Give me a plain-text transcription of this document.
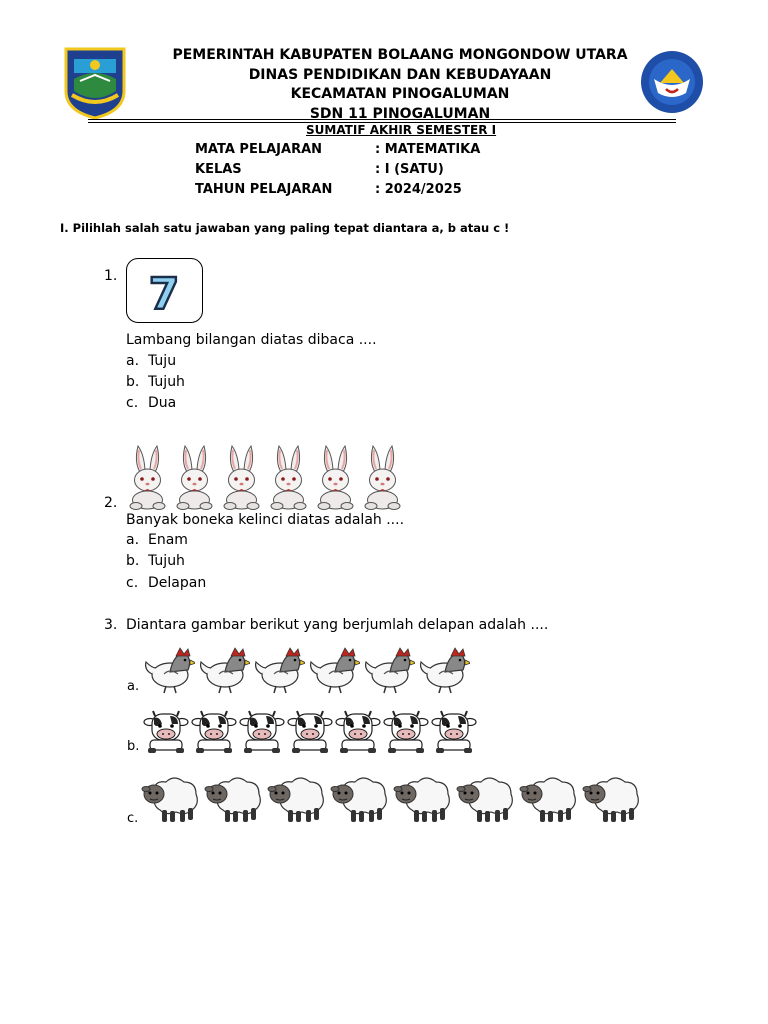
PEMERINTAH KABUPATEN BOLAANG MONGONDOW UTARA
DINAS PENDIDIKAN DAN KEBUDAYAAN
KECAMATAN PINOGALUMAN
SDN 11 PINOGALUMAN
SUMATIF AKHIR SEMESTER I
MATA PELAJARAN	: MATEMATIKA
KELAS	: I (SATU)
TAHUN PELAJARAN	: 2024/2025
I. Pilihlah salah satu jawaban yang paling tepat diantara a, b atau c !
1. 7
Lambang bilangan diatas dibaca ....
a. Tuju
b. Tujuh
c. Dua
2.
Banyak boneka kelinci diatas adalah ....
a. Enam
b. Tujuh
c. Delapan
3. Diantara gambar berikut yang berjumlah delapan adalah ....
a.
b.
c.
